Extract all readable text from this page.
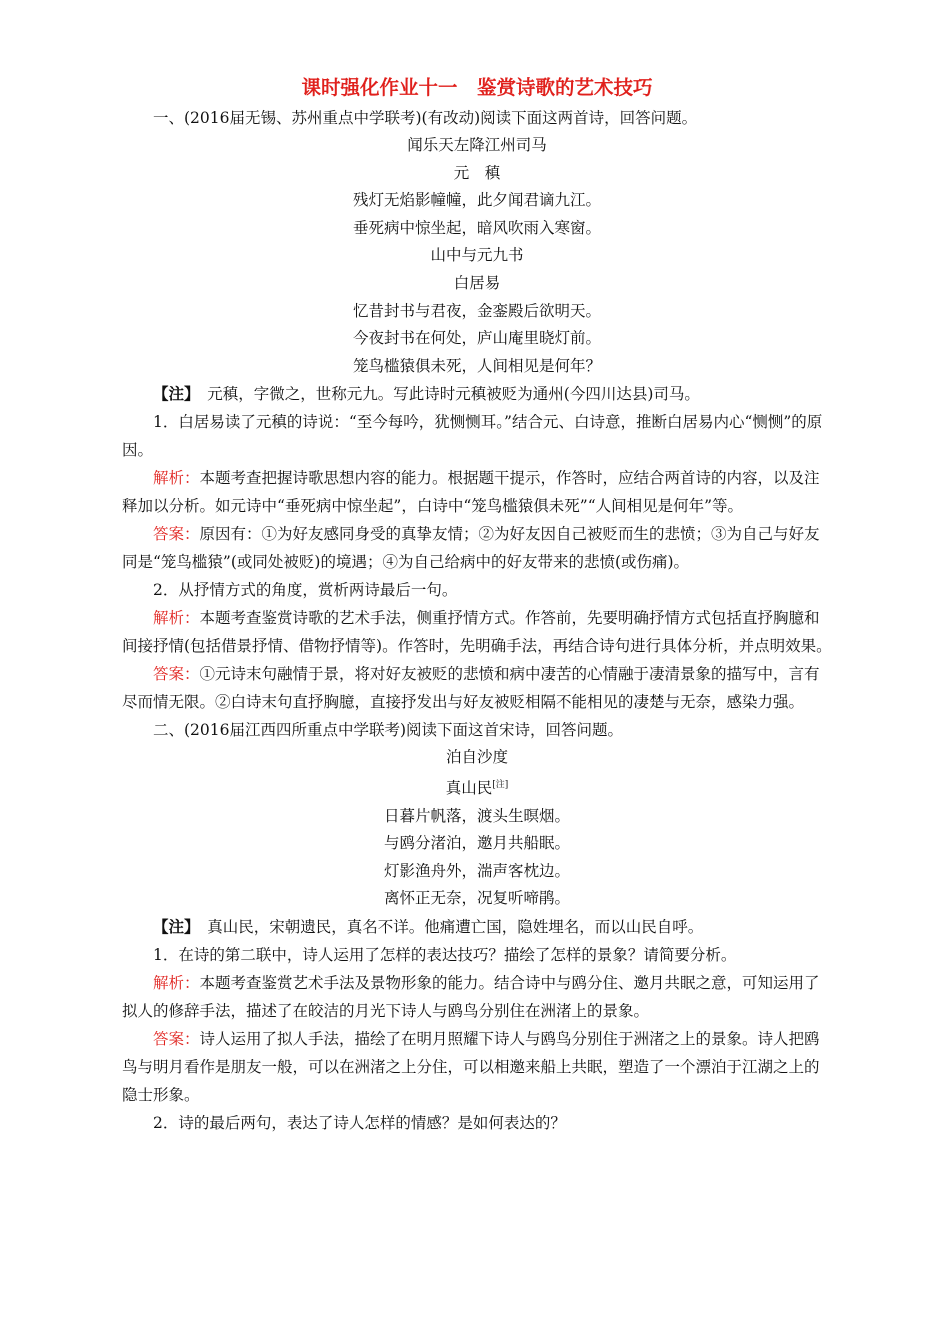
课时强化作业十一　鉴赏诗歌的艺术技巧

一、(2016届无锡、苏州重点中学联考)(有改动)阅读下面这两首诗，回答问题。

闻乐天左降江州司马

元　稹

残灯无焰影幢幢，此夕闻君谪九江。

垂死病中惊坐起，暗风吹雨入寒窗。

山中与元九书

白居易

忆昔封书与君夜，金銮殿后欲明天。

今夜封书在何处，庐山庵里晓灯前。

笼鸟槛猿俱未死，人间相见是何年？

【注】　元稹，字微之，世称元九。写此诗时元稹被贬为通州(今四川达县)司马。

1．白居易读了元稹的诗说：“至今每吟，犹恻恻耳。”结合元、白诗意，推断白居易内心“恻恻”的原因。

解析：本题考查把握诗歌思想内容的能力。根据题干提示，作答时，应结合两首诗的内容，以及注释加以分析。如元诗中“垂死病中惊坐起”，白诗中“笼鸟槛猿俱未死”“人间相见是何年”等。

答案：原因有：①为好友感同身受的真挚友情；②为好友因自己被贬而生的悲愤；③为自己与好友同是“笼鸟槛猿”(或同处被贬)的境遇；④为自己给病中的好友带来的悲愤(或伤痛)。

2．从抒情方式的角度，赏析两诗最后一句。

解析：本题考查鉴赏诗歌的艺术手法，侧重抒情方式。作答前，先要明确抒情方式包括直抒胸臆和间接抒情(包括借景抒情、借物抒情等)。作答时，先明确手法，再结合诗句进行具体分析，并点明效果。

答案：①元诗末句融情于景，将对好友被贬的悲愤和病中凄苦的心情融于凄清景象的描写中，言有尽而情无限。②白诗末句直抒胸臆，直接抒发出与好友被贬相隔不能相见的凄楚与无奈，感染力强。

二、(2016届江西四所重点中学联考)阅读下面这首宋诗，回答问题。

泊自沙度

真山民[注]

日暮片帆落，渡头生暝烟。

与鸥分渚泊，邀月共船眠。

灯影渔舟外，湍声客枕边。

离怀正无奈，况复听啼鹃。

【注】　真山民，宋朝遗民，真名不详。他痛遭亡国，隐姓埋名，而以山民自呼。

1．在诗的第二联中，诗人运用了怎样的表达技巧？描绘了怎样的景象？请简要分析。

解析：本题考查鉴赏艺术手法及景物形象的能力。结合诗中与鸥分住、邀月共眠之意，可知运用了拟人的修辞手法，描述了在皎洁的月光下诗人与鸥鸟分别住在洲渚上的景象。

答案：诗人运用了拟人手法，描绘了在明月照耀下诗人与鸥鸟分别住于洲渚之上的景象。诗人把鸥鸟与明月看作是朋友一般，可以在洲渚之上分住，可以相邀来船上共眠，塑造了一个漂泊于江湖之上的隐士形象。

2．诗的最后两句，表达了诗人怎样的情感？是如何表达的？
